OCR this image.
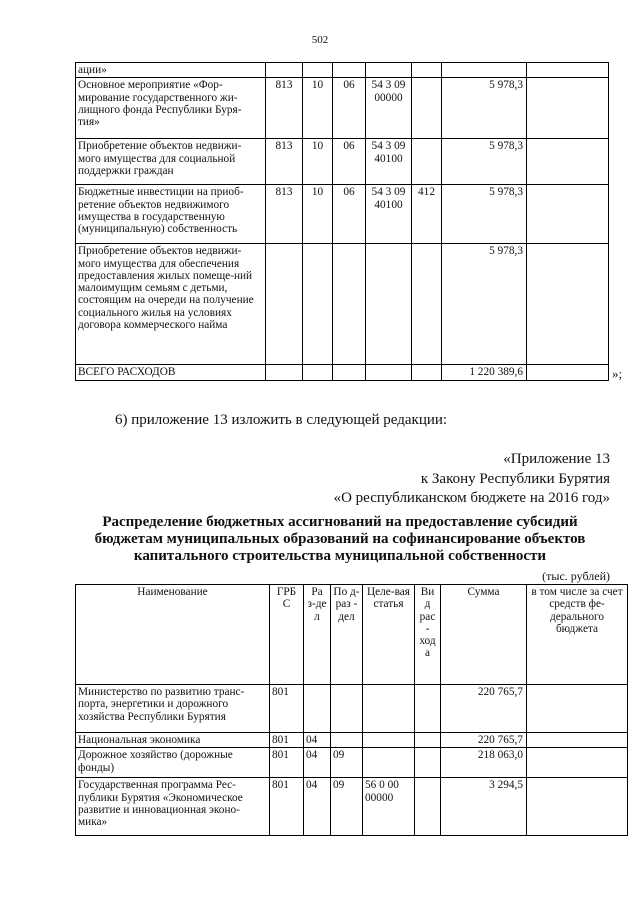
502
ации»							
Основное мероприятие «Фор-мирование государственного жи-лищного фонда Республики Буря-тия»	813	10	06	54 3 09 00000		5 978,3	
Приобретение объектов недвижи-мого имущества для социальной поддержки граждан	813	10	06	54 3 09 40100		5 978,3	
Бюджетные инвестиции на приоб-ретение объектов недвижимого имущества в государственную (муниципальную) собственность	813	10	06	54 3 09 40100	412	5 978,3	
Приобретение объектов недвижи-мого имущества для обеспечения предоставления жилых помеще-ний малоимущим семьям с детьми, состоящим на очереди на получение социального жилья на условиях договора коммерческого найма						5 978,3	
ВСЕГО РАСХОДОВ						1 220 389,6		»;
6) приложение 13 изложить в следующей редакции:
«Приложение 13
к Закону Республики Бурятия
«О республиканском бюджете на 2016 год»
Распределение бюджетных ассигнований на предоставление субсидий бюджетам муниципальных образований на софинансирование объектов капитального строительства муниципальной собственности
(тыс. рублей)
Наименование	ГРБ С	Ра з-де л	По д-раз - дел	Целе-вая статья	Ви д рас - ход а	Сумма	в том числе за счет средств фе-дерального бюджета
Министерство по развитию транс-порта, энергетики и дорожного хозяйства Республики Бурятия	801					220 765,7	
Национальная экономика	801	04				220 765,7	
Дорожное хозяйство (дорожные фонды)	801	04	09			218 063,0	
Государственная программа Рес-публики Бурятия «Экономическое развитие и инновационная эконо-мика»	801	04	09	56 0 00 00000		3 294,5	
